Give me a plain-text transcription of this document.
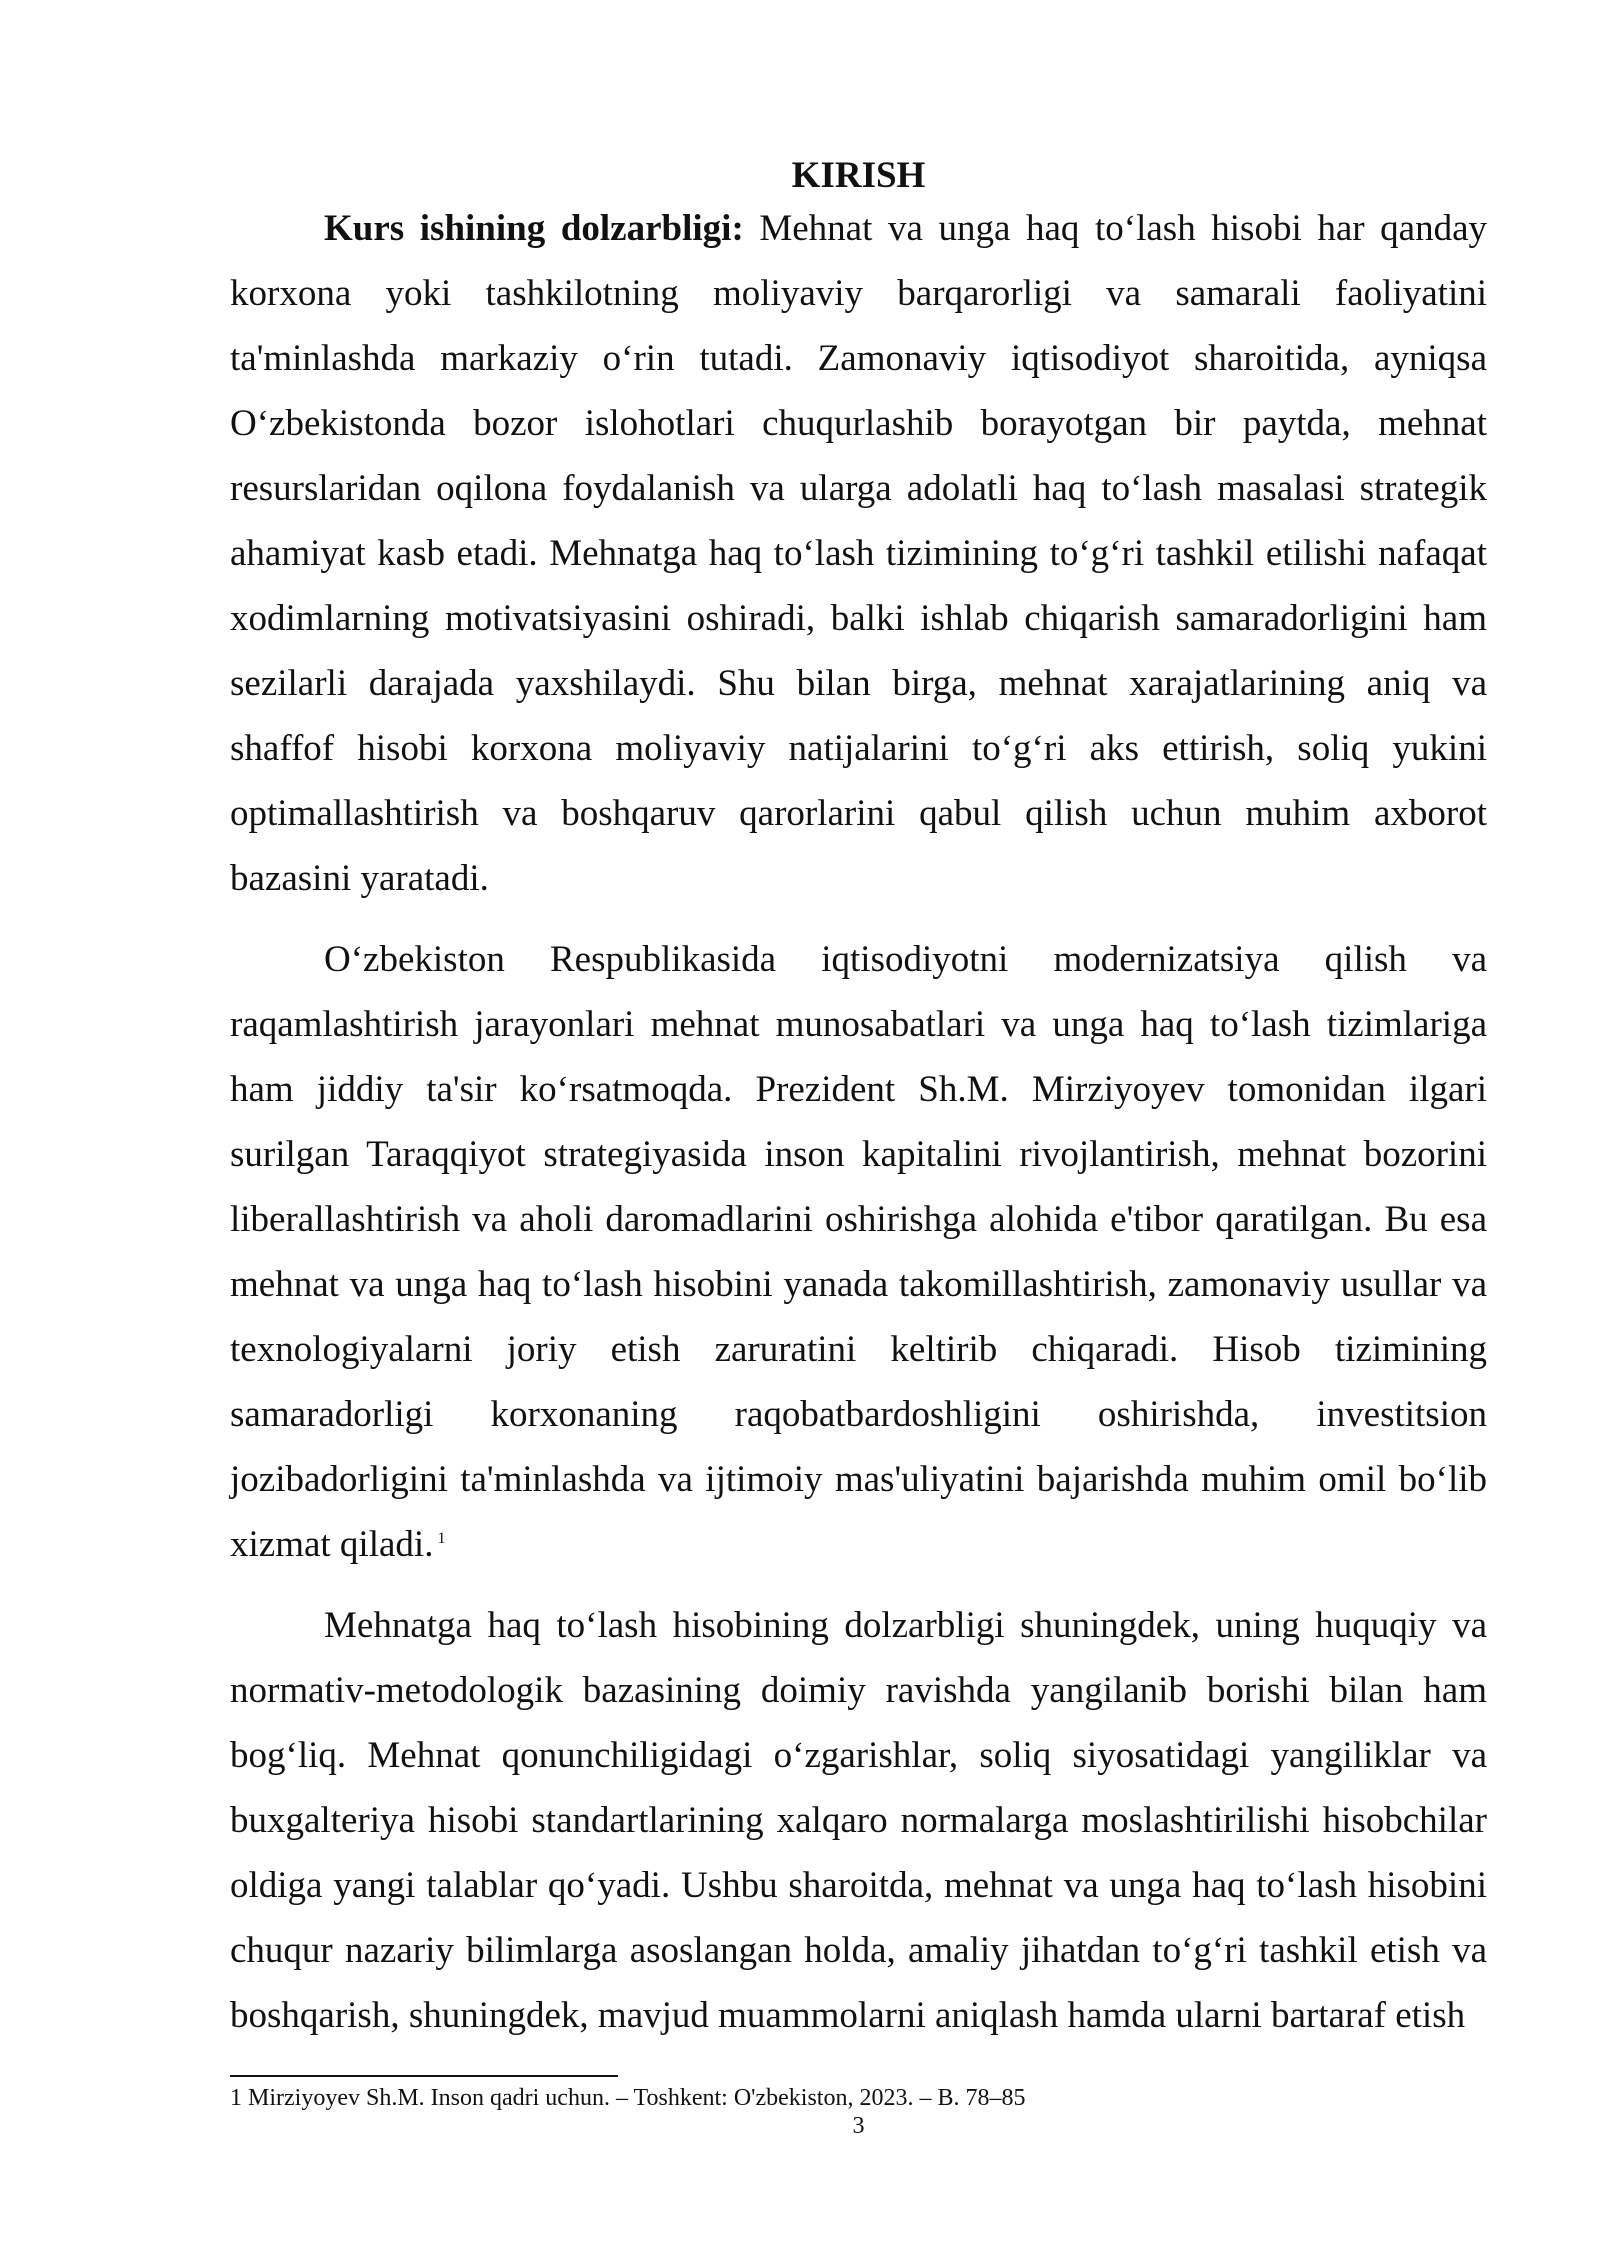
KIRISH

Kurs ishining dolzarbligi: Mehnat va unga haq to‘lash hisobi har qanday korxona yoki tashkilotning moliyaviy barqarorligi va samarali faoliyatini ta'minlashda markaziy o‘rin tutadi. Zamonaviy iqtisodiyot sharoitida, ayniqsa O‘zbekistonda bozor islohotlari chuqurlashib borayotgan bir paytda, mehnat resurslaridan oqilona foydalanish va ularga adolatli haq to‘lash masalasi strategik ahamiyat kasb etadi. Mehnatga haq to‘lash tizimining to‘g‘ri tashkil etilishi nafaqat xodimlarning motivatsiyasini oshiradi, balki ishlab chiqarish samaradorligini ham sezilarli darajada yaxshilaydi. Shu bilan birga, mehnat xarajatlarining aniq va shaffof hisobi korxona moliyaviy natijalarini to‘g‘ri aks ettirish, soliq yukini optimallashtirish va boshqaruv qarorlarini qabul qilish uchun muhim axborot bazasini yaratadi.

O‘zbekiston Respublikasida iqtisodiyotni modernizatsiya qilish va raqamlashtirish jarayonlari mehnat munosabatlari va unga haq to‘lash tizimlariga ham jiddiy ta'sir ko‘rsatmoqda. Prezident Sh.M. Mirziyoyev tomonidan ilgari surilgan Taraqqiyot strategiyasida inson kapitalini rivojlantirish, mehnat bozorini liberallashtirish va aholi daromadlarini oshirishga alohida e'tibor qaratilgan. Bu esa mehnat va unga haq to‘lash hisobini yanada takomillashtirish, zamonaviy usullar va texnologiyalarni joriy etish zaruratini keltirib chiqaradi. Hisob tizimining samaradorligi korxonaning raqobatbardoshligini oshirishda, investitsion jozibadorligini ta'minlashda va ijtimoiy mas'uliyatini bajarishda muhim omil bo‘lib xizmat qiladi. $^1$

Mehnatga haq to‘lash hisobining dolzarbligi shuningdek, uning huquqiy va normativ-metodologik bazasining doimiy ravishda yangilanib borishi bilan ham bog‘liq. Mehnat qonunchiligidagi o‘zgarishlar, soliq siyosatidagi yangiliklar va buxgalteriya hisobi standartlarining xalqaro normalarga moslashtirilishi hisobchilar oldiga yangi talablar qo‘yadi. Ushbu sharoitda, mehnat va unga haq to‘lash hisobini chuqur nazariy bilimlarga asoslangan holda, amaliy jihatdan to‘g‘ri tashkil etish va boshqarish, shuningdek, mavjud muammolarni aniqlash hamda ularni bartaraf etish

1 Mirziyoyev Sh.M. Inson qadri uchun. – Toshkent: O'zbekiston, 2023. – B. 78–85

3
